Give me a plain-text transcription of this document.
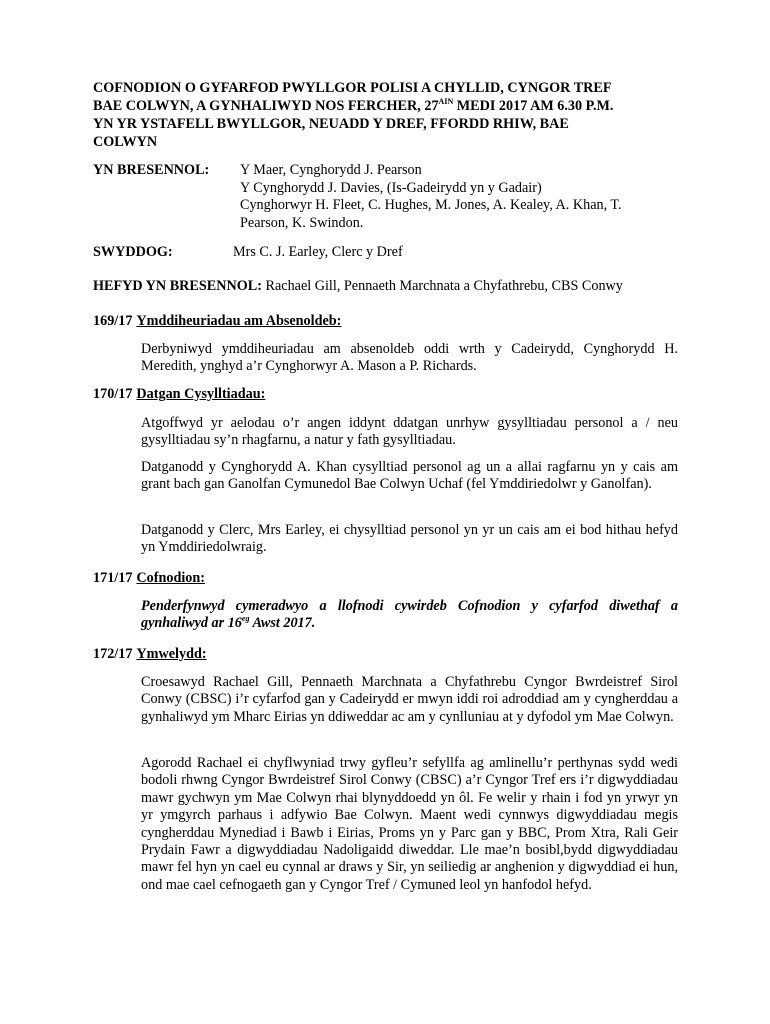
COFNODION O GYFARFOD PWYLLGOR POLISI A CHYLLID, CYNGOR TREF
BAE COLWYN, A GYNHALIWYD NOS FERCHER, $27^{AIN}$ MEDI 2017 AM 6.30 P.M.
YN YR YSTAFELL BWYLLGOR, NEUADD Y DREF, FFORDD RHIW, BAE
COLWYN
YN BRESENNOL: Y Maer, Cynghorydd J. Pearson
Y Cynghorydd J. Davies, (Is-Gadeirydd yn y Gadair)
Cynghorwyr H. Fleet, C. Hughes, M. Jones, A. Kealey, A. Khan, T.
Pearson, K. Swindon.
SWYDDOG:	Mrs C. J. Earley, Clerc y Dref
HEFYD YN BRESENNOL: Rachael Gill, Pennaeth Marchnata a Chyfathrebu, CBS Conwy
169/17 Ymddiheuriadau am Absenoldeb:
Derbyniwyd ymddiheuriadau am absenoldeb oddi wrth y Cadeirydd, Cynghorydd H. Meredith, ynghyd a’r Cynghorwyr A. Mason a P. Richards.
170/17 Datgan Cysylltiadau:
Atgoffwyd yr aelodau o’r angen iddynt ddatgan unrhyw gysylltiadau personol a / neu gysylltiadau sy’n rhagfarnu, a natur y fath gysylltiadau.
Datganodd y Cynghorydd A. Khan cysylltiad personol ag un a allai ragfarnu yn y cais am grant bach gan Ganolfan Cymunedol Bae Colwyn Uchaf (fel Ymddiriedolwr y Ganolfan).
Datganodd y Clerc, Mrs Earley, ei chysylltiad personol yn yr un cais am ei bod hithau hefyd yn Ymddiriedolwraig.
171/17 Cofnodion:
Penderfynwyd cymeradwyo a llofnodi cywirdeb Cofnodion y cyfarfod diwethaf a gynhaliwyd ar $16^{eg}$ Awst 2017.
172/17 Ymwelydd:
Croesawyd Rachael Gill, Pennaeth Marchnata a Chyfathrebu Cyngor Bwrdeistref Sirol Conwy (CBSC) i’r cyfarfod gan y Cadeirydd er mwyn iddi roi adroddiad am y cyngherddau a gynhaliwyd ym Mharc Eirias yn ddiweddar ac am y cynlluniau at y dyfodol ym Mae Colwyn.
Agorodd Rachael ei chyflwyniad trwy gyfleu’r sefyllfa ag amlinellu’r perthynas sydd wedi bodoli rhwng Cyngor Bwrdeistref Sirol Conwy (CBSC) a’r Cyngor Tref ers i’r digwyddiadau mawr gychwyn ym Mae Colwyn rhai blynyddoedd yn ôl. Fe welir y rhain i fod yn yrwyr yn yr ymgyrch parhaus i adfywio Bae Colwyn. Maent wedi cynnwys digwyddiadau megis cyngherddau Mynediad i Bawb i Eirias, Proms yn y Parc gan y BBC, Prom Xtra, Rali Geir Prydain Fawr a digwyddiadau Nadoligaidd diweddar. Lle mae’n bosibl,bydd digwyddiadau mawr fel hyn yn cael eu cynnal ar draws y Sir, yn seiliedig ar anghenion y digwyddiad ei hun, ond mae cael cefnogaeth gan y Cyngor Tref / Cymuned leol yn hanfodol hefyd.
